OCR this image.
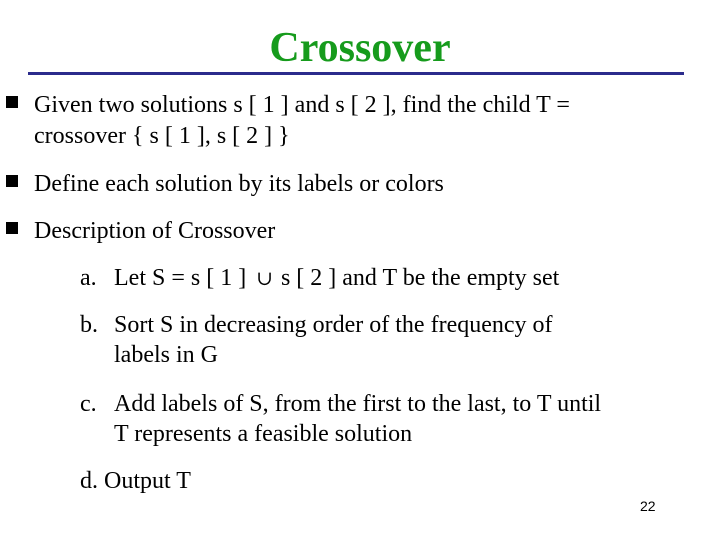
Crossover
Given two solutions s [ 1 ] and s [ 2 ], find the child T =
crossover { s [ 1 ], s [ 2 ] }
Define each solution by its labels or colors
Description of Crossover
a. Let S = s [ 1 ] ∪ s [ 2 ] and T be the empty set
b. Sort S in decreasing order of the frequency of
labels in G
c. Add labels of S, from the first to the last, to T until
T represents a feasible solution
d. Output T
22
